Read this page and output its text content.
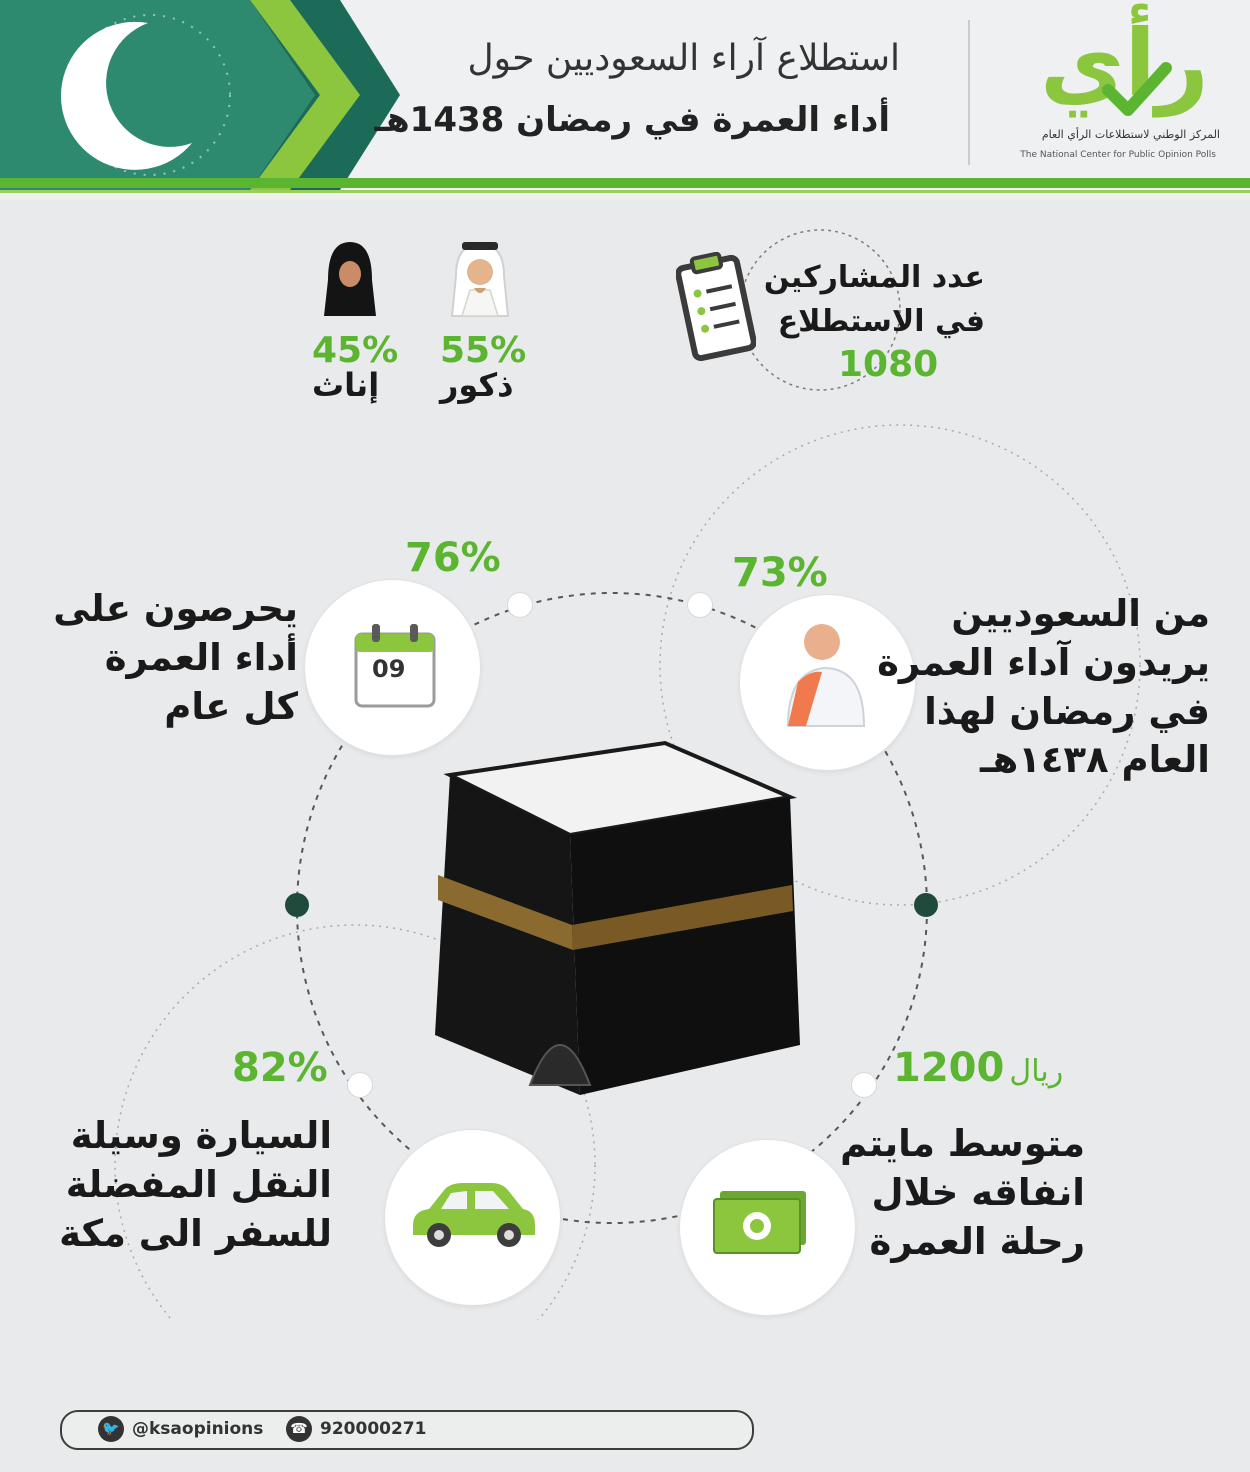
استطلاع آراء السعوديين حول
أداء العمرة في رمضان 1438هـ
رأي
المركز الوطني لاستطلاعات الرأي العام
The National Center for Public Opinion Polls
عدد المشاركين
في الاستطلاع
1080
55%
ذكور
45%
إناث
73%
من السعوديين
يريدون آداء العمرة
في رمضان لهذا
العام ١٤٣٨هـ
09
76%
يحرصون على
أداء العمرة
كل عام
82%
السيارة وسيلة
النقل المفضلة
للسفر الى مكة
ريال 1200
متوسط مايتم
انفاقه خلال
رحلة العمرة
🐦 @ksaopinions	☎ 920000271
